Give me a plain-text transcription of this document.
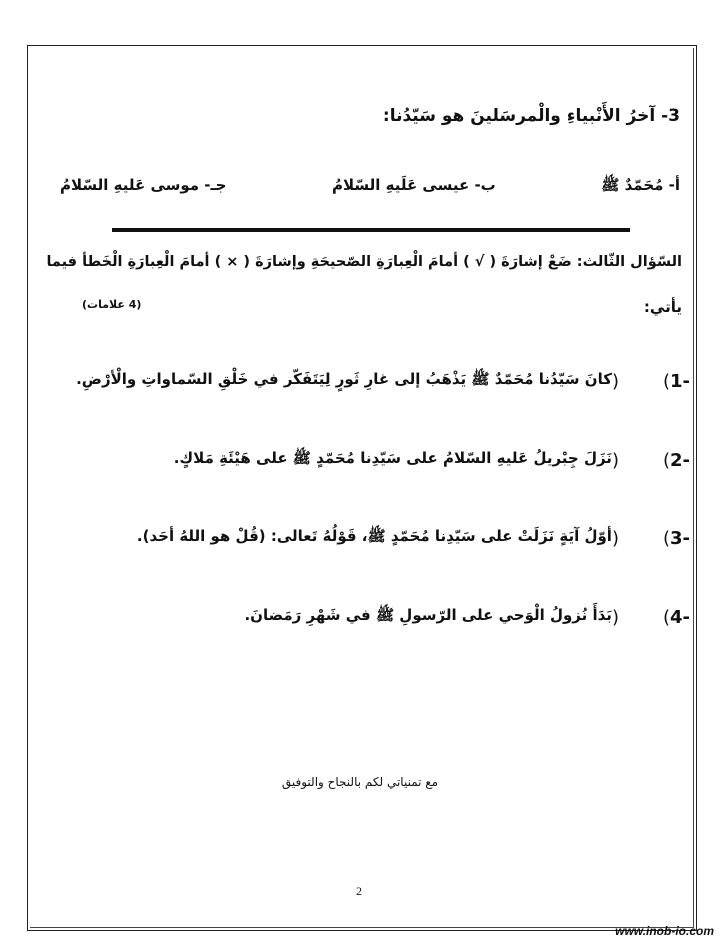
3- آخرُ الأَنْبياءِ والْمرسَلينَ هو سَيّدُنا:
أ- مُحَمّدٌ ﷺ
ب- عيسى عَلَيهِ السّلامُ
جـ- موسى عَليهِ السّلامُ
السّؤال الثّالث: ضَعْ إشارَةَ ( √ ) أمامَ الْعِبارَةِ الصّحيحَةِ وإشارَةَ ( × ) أمامَ الْعِبارَةِ الْخَطأ فيما
يأتي:
(4 علامات)
1-
(
)
كانَ سَيّدُنا مُحَمّدٌ ﷺ يَذْهَبُ إلى غارِ ثَورٍ لِيَتَفَكّر في خَلْقِ السّماواتِ والْأرْضِ.
2-
(
)
نَزَلَ جِبْريلُ عَليهِ السّلامُ على سَيّدِنا مُحَمّدٍ ﷺ على هَيْئَةِ مَلاكٍ.
3-
(
)
أوّلُ آيَةٍ نَزَلَتْ على سَيّدِنا مُحَمّدٍ ﷺ، قَوْلُهُ تَعالى: (قُلْ هو اللهُ أحَد).
4-
(
)
بَدَأَ نُزولُ الْوَحي على الرّسولِ ﷺ في شَهْرِ رَمَضانَ.
مع تمنياتي لكم بالنجاح والتوفيق
2
www.inob-io.com
